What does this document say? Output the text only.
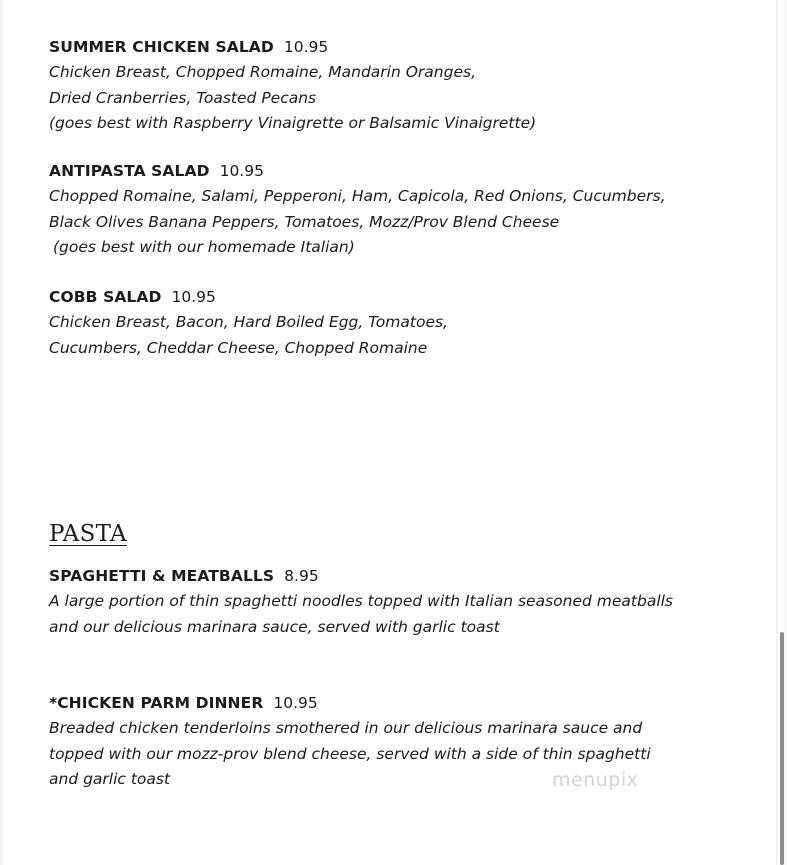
SUMMER CHICKEN SALAD 10.95
Chicken Breast, Chopped Romaine, Mandarin Oranges,
Dried Cranberries, Toasted Pecans
(goes best with Raspberry Vinaigrette or Balsamic Vinaigrette)
ANTIPASTA SALAD 10.95
Chopped Romaine, Salami, Pepperoni, Ham, Capicola, Red Onions, Cucumbers,
Black Olives Banana Peppers, Tomatoes, Mozz/Prov Blend Cheese
(goes best with our homemade Italian)
COBB SALAD 10.95
Chicken Breast, Bacon, Hard Boiled Egg, Tomatoes,
Cucumbers, Cheddar Cheese, Chopped Romaine
PASTA
SPAGHETTI & MEATBALLS 8.95
A large portion of thin spaghetti noodles topped with Italian seasoned meatballs
and our delicious marinara sauce, served with garlic toast
*CHICKEN PARM DINNER 10.95
Breaded chicken tenderloins smothered in our delicious marinara sauce and
topped with our mozz-prov blend cheese, served with a side of thin spaghetti
and garlic toast	menupix
